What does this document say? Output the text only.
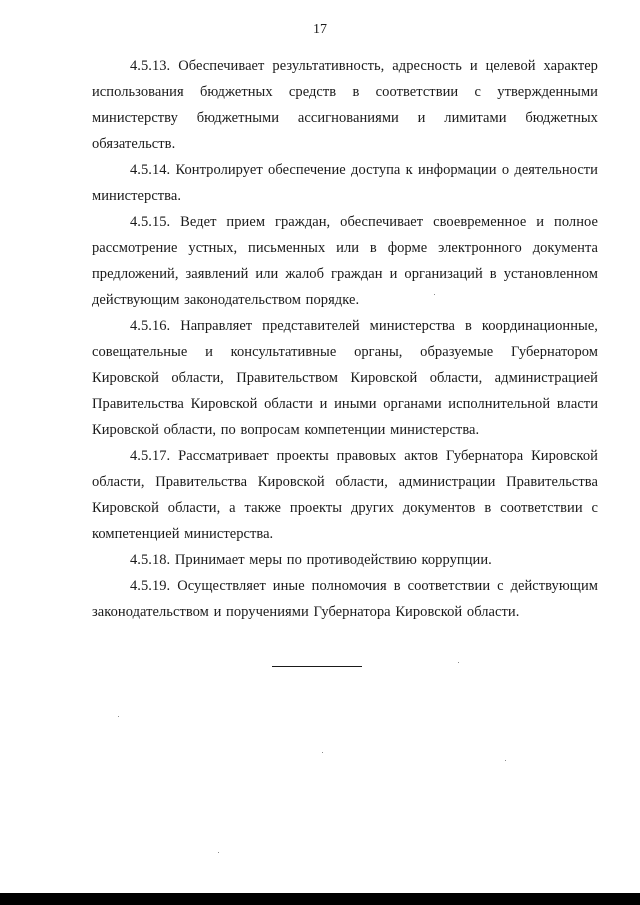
17

4.5.13. Обеспечивает результативность, адресность и целевой характер использования бюджетных средств в соответствии с утвержденными министерству бюджетными ассигнованиями и лимитами бюджетных обязательств.

4.5.14. Контролирует обеспечение доступа к информации о деятельности министерства.

4.5.15. Ведет прием граждан, обеспечивает своевременное и полное рассмотрение устных, письменных или в форме электронного документа предложений, заявлений или жалоб граждан и организаций в установленном действующим законодательством порядке.

4.5.16. Направляет представителей министерства в координационные, совещательные и консультативные органы, образуемые Губернатором Кировской области, Правительством Кировской области, администрацией Правительства Кировской области и иными органами исполнительной власти Кировской области, по вопросам компетенции министерства.

4.5.17. Рассматривает проекты правовых актов Губернатора Кировской области, Правительства Кировской области, администрации Правительства Кировской области, а также проекты других документов в соответствии с компетенцией министерства.

4.5.18. Принимает меры по противодействию коррупции.

4.5.19. Осуществляет иные полномочия в соответствии с действующим законодательством и поручениями Губернатора Кировской области.
